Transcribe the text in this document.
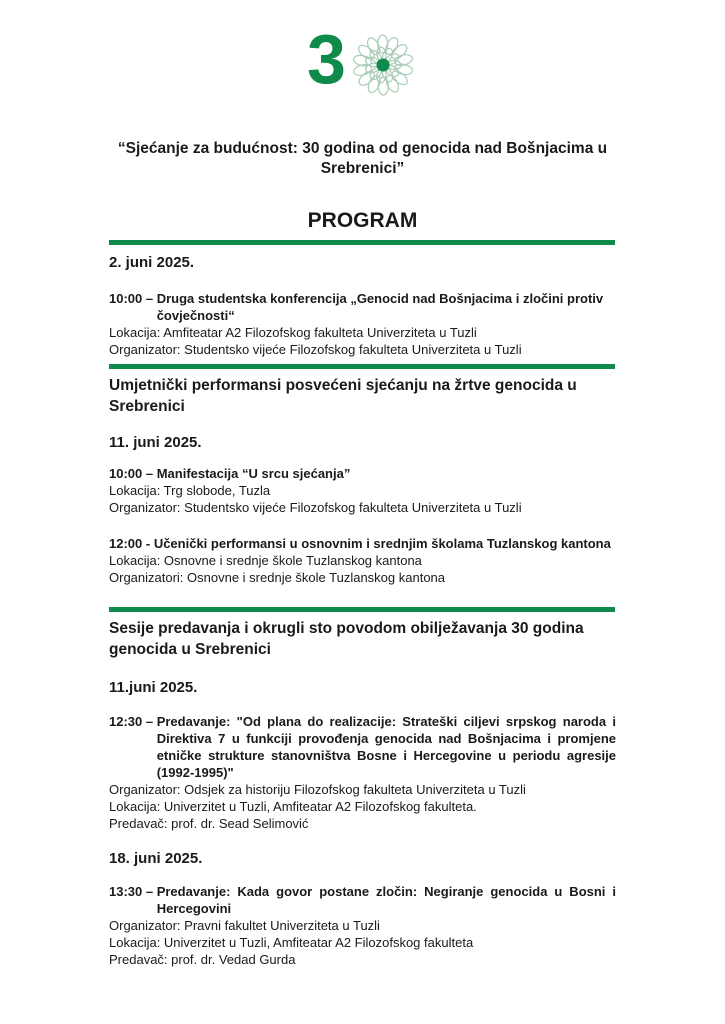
3
“Sjećanje za budućnost: 30 godina od genocida nad Bošnjacima u Srebrenici”
PROGRAM
2. juni 2025.
10:00 – Druga studentska konferencija „Genocid nad Bošnjacima i zločini protiv čovječnosti“
Lokacija: Amfiteatar A2 Filozofskog fakulteta Univerziteta u Tuzli
Organizator: Studentsko vijeće Filozofskog fakulteta Univerziteta u Tuzli
Umjetnički performansi posvećeni sjećanju na žrtve genocida u Srebrenici
11. juni 2025.
10:00 – Manifestacija “U srcu sjećanja”
Lokacija: Trg slobode, Tuzla
Organizator: Studentsko vijeće Filozofskog fakulteta Univerziteta u Tuzli
12:00 - Učenički performansi u osnovnim i srednjim školama Tuzlanskog kantona
Lokacija: Osnovne i srednje škole Tuzlanskog kantona
Organizatori: Osnovne i srednje škole Tuzlanskog kantona
Sesije predavanja i okrugli sto povodom obilježavanja 30 godina genocida u Srebrenici
11.juni 2025.
12:30 – Predavanje: "Od plana do realizacije: Strateški ciljevi srpskog naroda i Direktiva 7 u funkciji provođenja genocida nad Bošnjacima i promjene etničke strukture stanovništva Bosne i Hercegovine u periodu agresije (1992-1995)"
Organizator: Odsjek za historiju Filozofskog fakulteta Univerziteta u Tuzli
Lokacija: Univerzitet u Tuzli, Amfiteatar A2 Filozofskog fakulteta.
Predavač: prof. dr. Sead Selimović
18. juni 2025.
13:30 – Predavanje: Kada govor postane zločin: Negiranje genocida u Bosni i Hercegovini
Organizator: Pravni fakultet Univerziteta u Tuzli
Lokacija: Univerzitet u Tuzli, Amfiteatar A2 Filozofskog fakulteta
Predavač: prof. dr. Vedad Gurda
